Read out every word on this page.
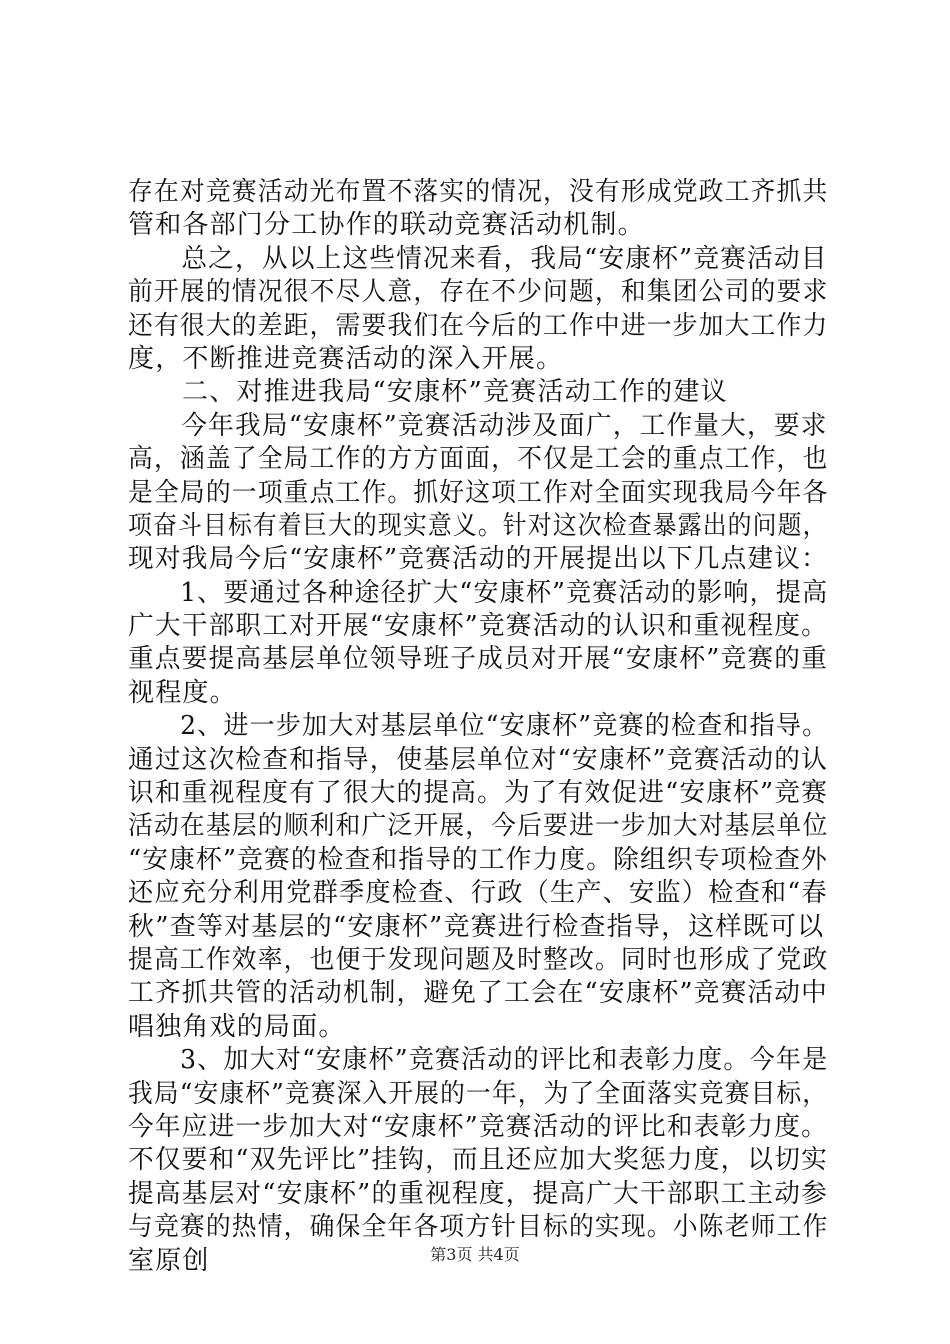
存在对竞赛活动光布置不落实的情况，没有形成党政工齐抓共
管和各部门分工协作的联动竞赛活动机制。
总之，从以上这些情况来看，我局“安康杯”竞赛活动目
前开展的情况很不尽人意，存在不少问题，和集团公司的要求
还有很大的差距，需要我们在今后的工作中进一步加大工作力
度，不断推进竞赛活动的深入开展。
二、对推进我局“安康杯”竞赛活动工作的建议
今年我局“安康杯”竞赛活动涉及面广，工作量大，要求
高，涵盖了全局工作的方方面面，不仅是工会的重点工作，也
是全局的一项重点工作。抓好这项工作对全面实现我局今年各
项奋斗目标有着巨大的现实意义。针对这次检查暴露出的问题，
现对我局今后“安康杯”竞赛活动的开展提出以下几点建议：
1、要通过各种途径扩大“安康杯”竞赛活动的影响，提高
广大干部职工对开展“安康杯”竞赛活动的认识和重视程度。
重点要提高基层单位领导班子成员对开展“安康杯”竞赛的重
视程度。
2、进一步加大对基层单位“安康杯”竞赛的检查和指导。
通过这次检查和指导，使基层单位对“安康杯”竞赛活动的认
识和重视程度有了很大的提高。为了有效促进“安康杯”竞赛
活动在基层的顺利和广泛开展，今后要进一步加大对基层单位
“安康杯”竞赛的检查和指导的工作力度。除组织专项检查外
还应充分利用党群季度检查、行政（生产、安监）检查和“春
秋”查等对基层的“安康杯”竞赛进行检查指导，这样既可以
提高工作效率，也便于发现问题及时整改。同时也形成了党政
工齐抓共管的活动机制，避免了工会在“安康杯”竞赛活动中
唱独角戏的局面。
3、加大对“安康杯”竞赛活动的评比和表彰力度。今年是
我局“安康杯”竞赛深入开展的一年，为了全面落实竞赛目标，
今年应进一步加大对“安康杯”竞赛活动的评比和表彰力度。
不仅要和“双先评比”挂钩，而且还应加大奖惩力度，以切实
提高基层对“安康杯”的重视程度，提高广大干部职工主动参
与竞赛的热情，确保全年各项方针目标的实现。小陈老师工作
室原创	第3页 共4页
